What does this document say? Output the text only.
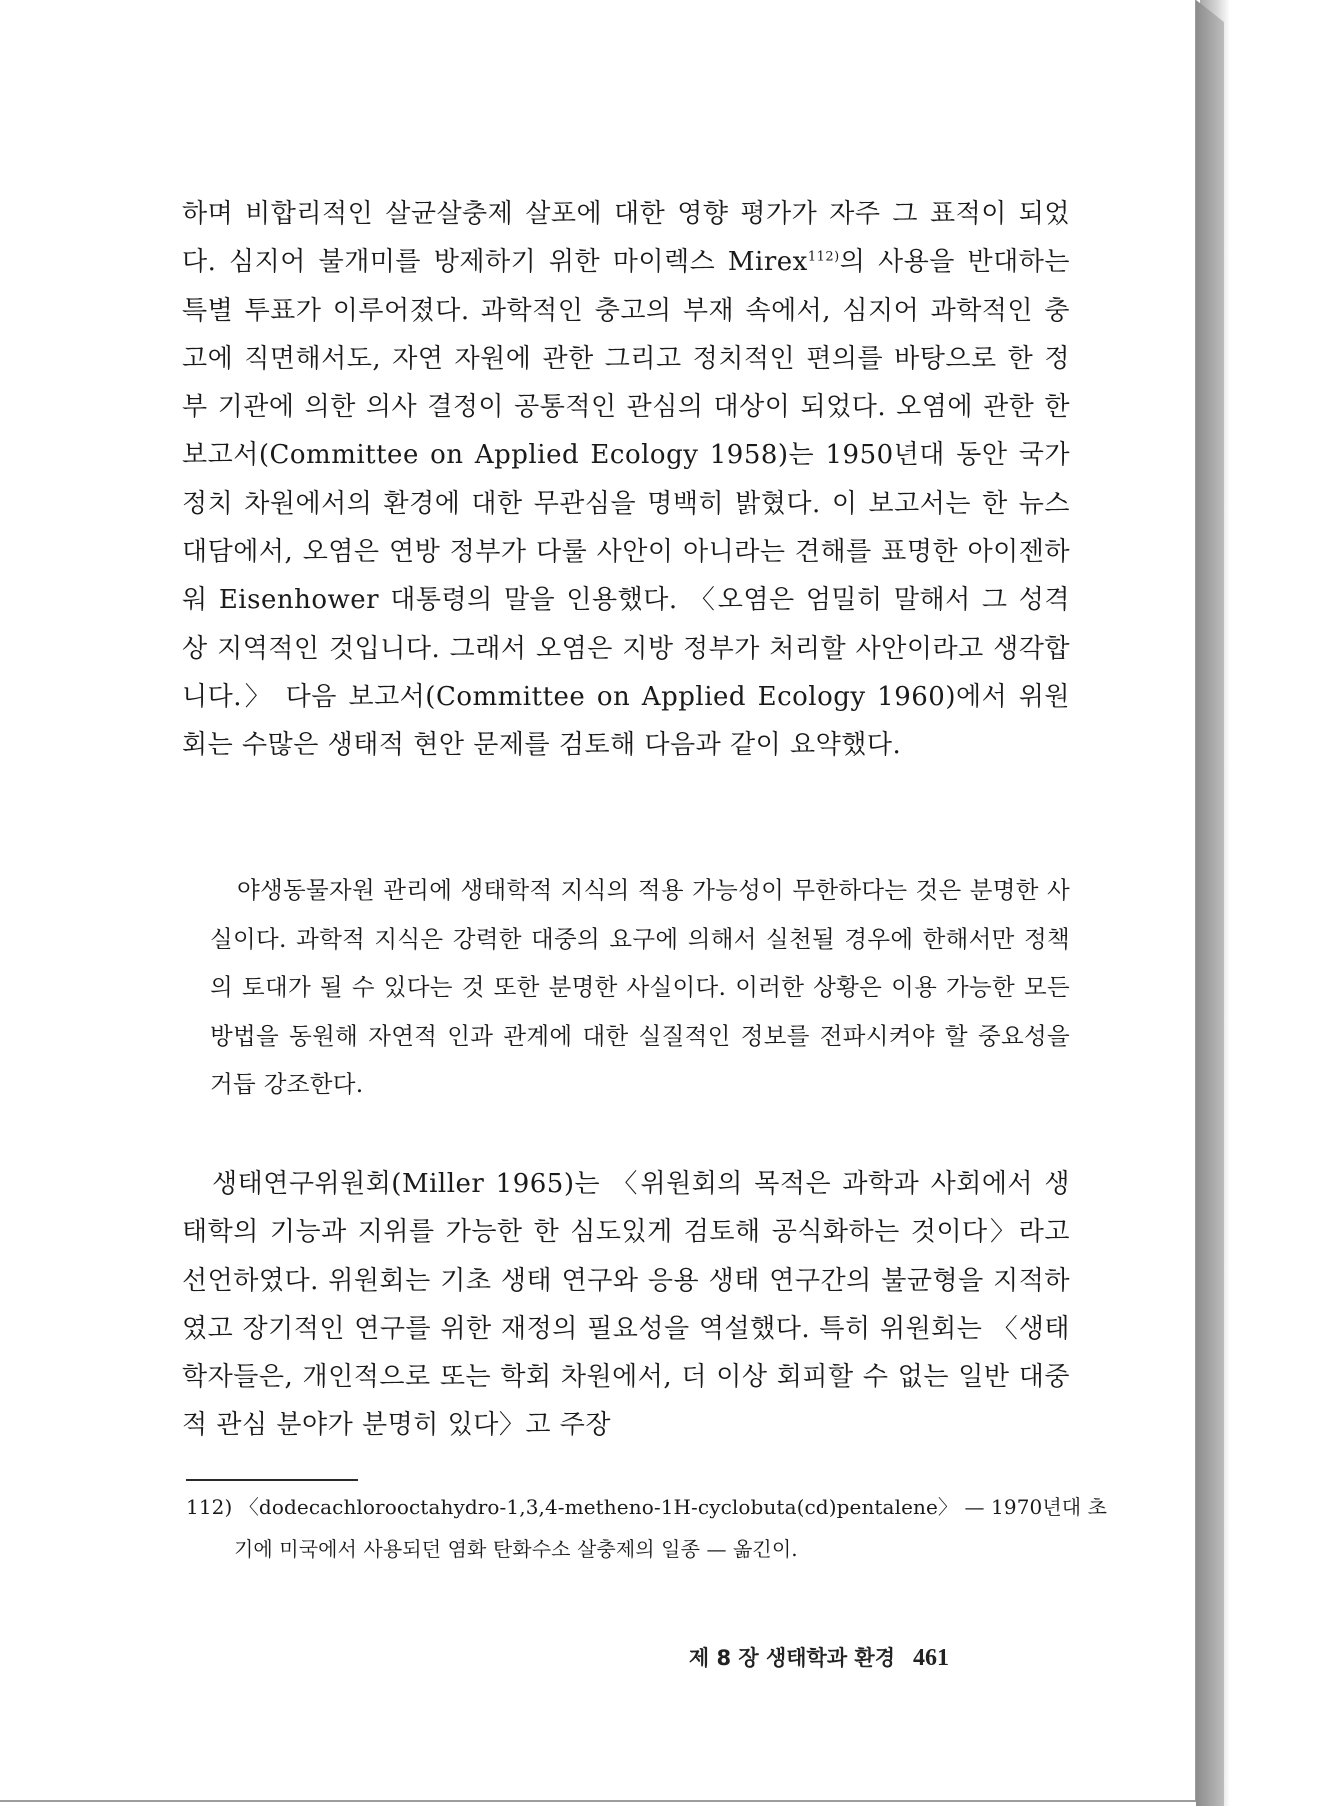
하며 비합리적인 살균살충제 살포에 대한 영향 평가가 자주 그 표적이 되었다. 심지어 불개미를 방제하기 위한 마이렉스 Mirex$^{112)}$의 사용을 반대하는 특별 투표가 이루어졌다. 과학적인 충고의 부재 속에서, 심지어 과학적인 충고에 직면해서도, 자연 자원에 관한 그리고 정치적인 편의를 바탕으로 한 정부 기관에 의한 의사 결정이 공통적인 관심의 대상이 되었다. 오염에 관한 한 보고서(Committee on Applied Ecology 1958)는 1950년대 동안 국가 정치 차원에서의 환경에 대한 무관심을 명백히 밝혔다. 이 보고서는 한 뉴스 대담에서, 오염은 연방 정부가 다룰 사안이 아니라는 견해를 표명한 아이젠하워 Eisenhower 대통령의 말을 인용했다. 〈오염은 엄밀히 말해서 그 성격상 지역적인 것입니다. 그래서 오염은 지방 정부가 처리할 사안이라고 생각합니다.〉 다음 보고서(Committee on Applied Ecology 1960)에서 위원회는 수많은 생태적 현안 문제를 검토해 다음과 같이 요약했다.

야생동물자원 관리에 생태학적 지식의 적용 가능성이 무한하다는 것은 분명한 사실이다. 과학적 지식은 강력한 대중의 요구에 의해서 실천될 경우에 한해서만 정책의 토대가 될 수 있다는 것 또한 분명한 사실이다. 이러한 상황은 이용 가능한 모든 방법을 동원해 자연적 인과 관계에 대한 실질적인 정보를 전파시켜야 할 중요성을 거듭 강조한다.

생태연구위원회(Miller 1965)는 〈위원회의 목적은 과학과 사회에서 생태학의 기능과 지위를 가능한 한 심도있게 검토해 공식화하는 것이다〉라고 선언하였다. 위원회는 기초 생태 연구와 응용 생태 연구간의 불균형을 지적하였고 장기적인 연구를 위한 재정의 필요성을 역설했다. 특히 위원회는 〈생태학자들은, 개인적으로 또는 학회 차원에서, 더 이상 회피할 수 없는 일반 대중적 관심 분야가 분명히 있다〉고 주장

112) 〈dodecachlorooctahydro-1,3,4-metheno-1H-cyclobuta(cd)pentalene〉 — 1970년대 초기에 미국에서 사용되던 염화 탄화수소 살충제의 일종 — 옮긴이.

제 8 장 생태학과 환경 461
